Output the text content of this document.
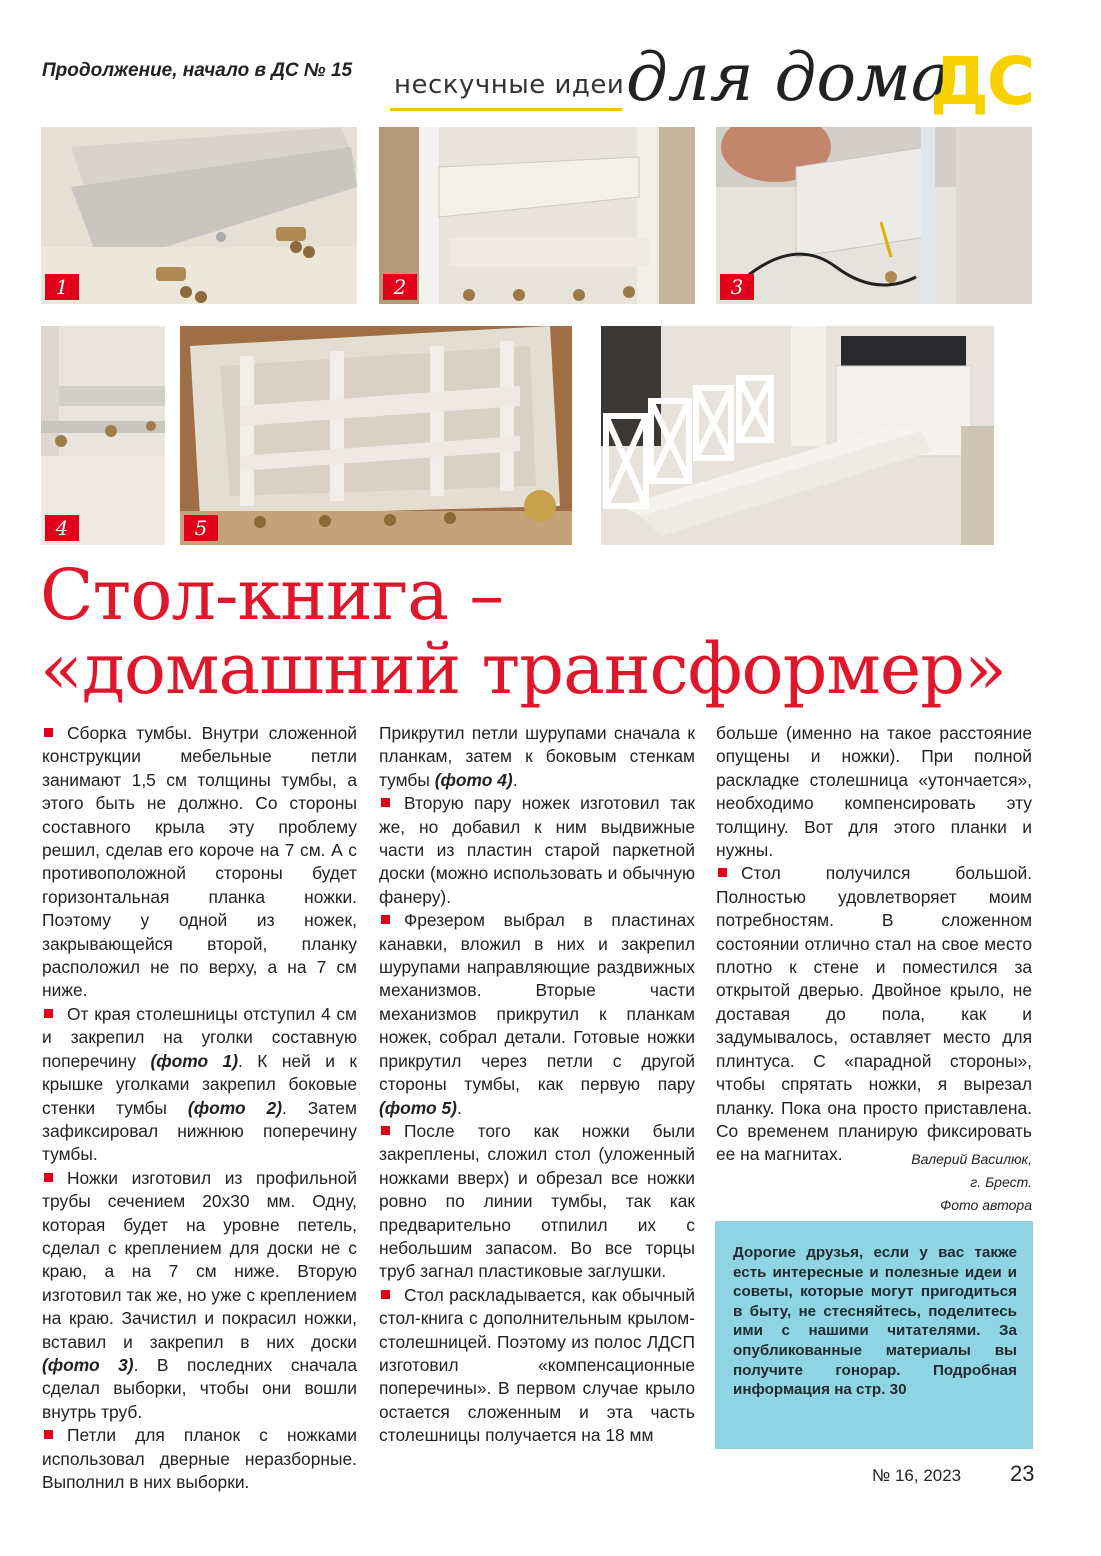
Продолжение, начало в ДС № 15 нескучные идеи для дома
ДС
1	2	3
4	5
Стол-книга –
«домашний трансформер»

Сборка тумбы. Внутри сложенной конструкции мебельные петли занимают 1,5 см толщины тумбы, а этого быть не должно. Со стороны составного крыла эту проблему решил, сделав его короче на 7 см. А с противоположной стороны будет горизонтальная планка ножки. Поэтому у одной из ножек, закрывающейся второй, планку расположил не по верху, а на 7 см ниже.

От края столешницы отступил 4 см и закрепил на уголки составную поперечину (фото 1). К ней и к крышке уголками закрепил боковые стенки тумбы (фото 2). Затем зафиксировал нижнюю поперечину тумбы.

Ножки изготовил из профильной трубы сечением 20х30 мм. Одну, которая будет на уровне петель, сделал с креплением для доски не с краю, а на 7 см ниже. Вторую изготовил так же, но уже с креплением на краю. Зачистил и покрасил ножки, вставил и закрепил в них доски (фото 3). В последних сначала сделал выборки, чтобы они вошли внутрь труб.

Петли для планок с ножками использовал дверные неразборные. Выполнил в них выборки.

Прикрутил петли шурупами сначала к планкам, затем к боковым стенкам тумбы (фото 4).

Вторую пару ножек изготовил так же, но добавил к ним выдвижные части из пластин старой паркетной доски (можно использовать и обычную фанеру).

Фрезером выбрал в пластинах канавки, вложил в них и закрепил шурупами направляющие раздвижных механизмов. Вторые части механизмов прикрутил к планкам ножек, собрал детали. Готовые ножки прикрутил через петли с другой стороны тумбы, как первую пару (фото 5).

После того как ножки были закреплены, сложил стол (уложенный ножками вверх) и обрезал все ножки ровно по линии тумбы, так как предварительно отпилил их с небольшим запасом. Во все торцы труб загнал пластиковые заглушки.

Стол раскладывается, как обычный стол-книга с дополнительным крылом-столешницей. Поэтому из полос ЛДСП изготовил «компенсационные поперечины». В первом случае крыло остается сложенным и эта часть столешницы получается на 18 мм

больше (именно на такое расстояние опущены и ножки). При полной раскладке столешница «утончается», необходимо компенсировать эту толщину. Вот для этого планки и нужны.

Стол получился большой. Полностью удовлетворяет моим потребностям. В сложенном состоянии отлично стал на свое место плотно к стене и поместился за открытой дверью. Двойное крыло, не доставая до пола, как и задумывалось, оставляет место для плинтуса. С «парадной стороны», чтобы спрятать ножки, я вырезал планку. Пока она просто приставлена. Со временем планирую фиксировать ее на магнитах.	Валерий Василюк,
г. Брест.
Фото автора

Дорогие друзья, если у вас также есть интересные и полезные идеи и советы, которые могут пригодиться в быту, не стесняйтесь, поделитесь ими с нашими читателями. За опубликованные материалы вы получите гонорар. Подробная информация на стр. 30

№ 16, 2023 23
